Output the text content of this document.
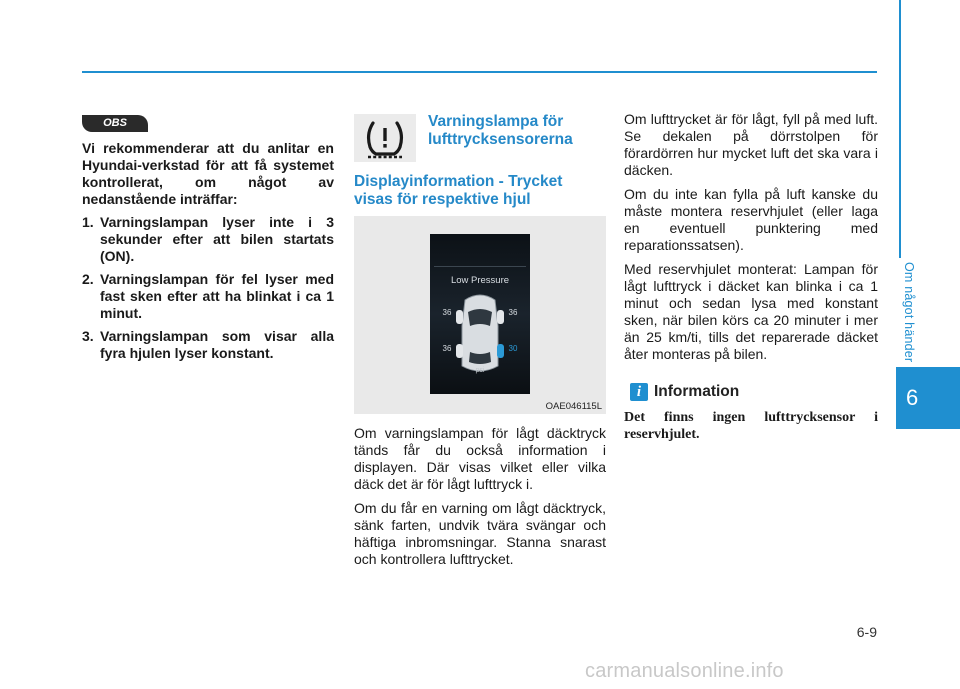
Om något händer
6
OBS

Vi rekommenderar att du anlitar en Hyundai-verkstad för att få systemet kontrollerat, om något av nedanstående inträffar:

1. Varningslampan lyser inte i 3 sekunder efter att bilen startats (ON).
2. Varningslampan för fel lyser med fast sken efter att ha blinkat i ca 1 minut.
3. Varningslampan som visar alla fyra hjulen lyser konstant.
Varningslampa för lufttrycksensorerna
Displayinformation - Trycket visas för respektive hjul
Low Pressure
36	36
36	30
psi
OAE046115L

Om varningslampan för lågt däcktryck tänds får du också information i displayen. Där visas vilket eller vilka däck det är för lågt lufttryck i.

Om du får en varning om lågt däcktryck, sänk farten, undvik tvära svängar och häftiga inbromsningar. Stanna snarast och kontrollera lufttrycket.

Om lufttrycket är för lågt, fyll på med luft. Se dekalen på dörrstolpen för förardörren hur mycket luft det ska vara i däcken.

Om du inte kan fylla på luft kanske du måste montera reservhjulet (eller laga en eventuell punktering med reparationssatsen).

Med reservhjulet monterat: Lampan för lågt lufttryck i däcket kan blinka i ca 1 minut och sedan lysa med konstant sken, när bilen körs ca 20 minuter i mer än 25 km/ti, tills det reparerade däcket åter monteras på bilen.

i Information
Det finns ingen lufttrycksensor i reservhjulet.
6-9
carmanualsonline.info
